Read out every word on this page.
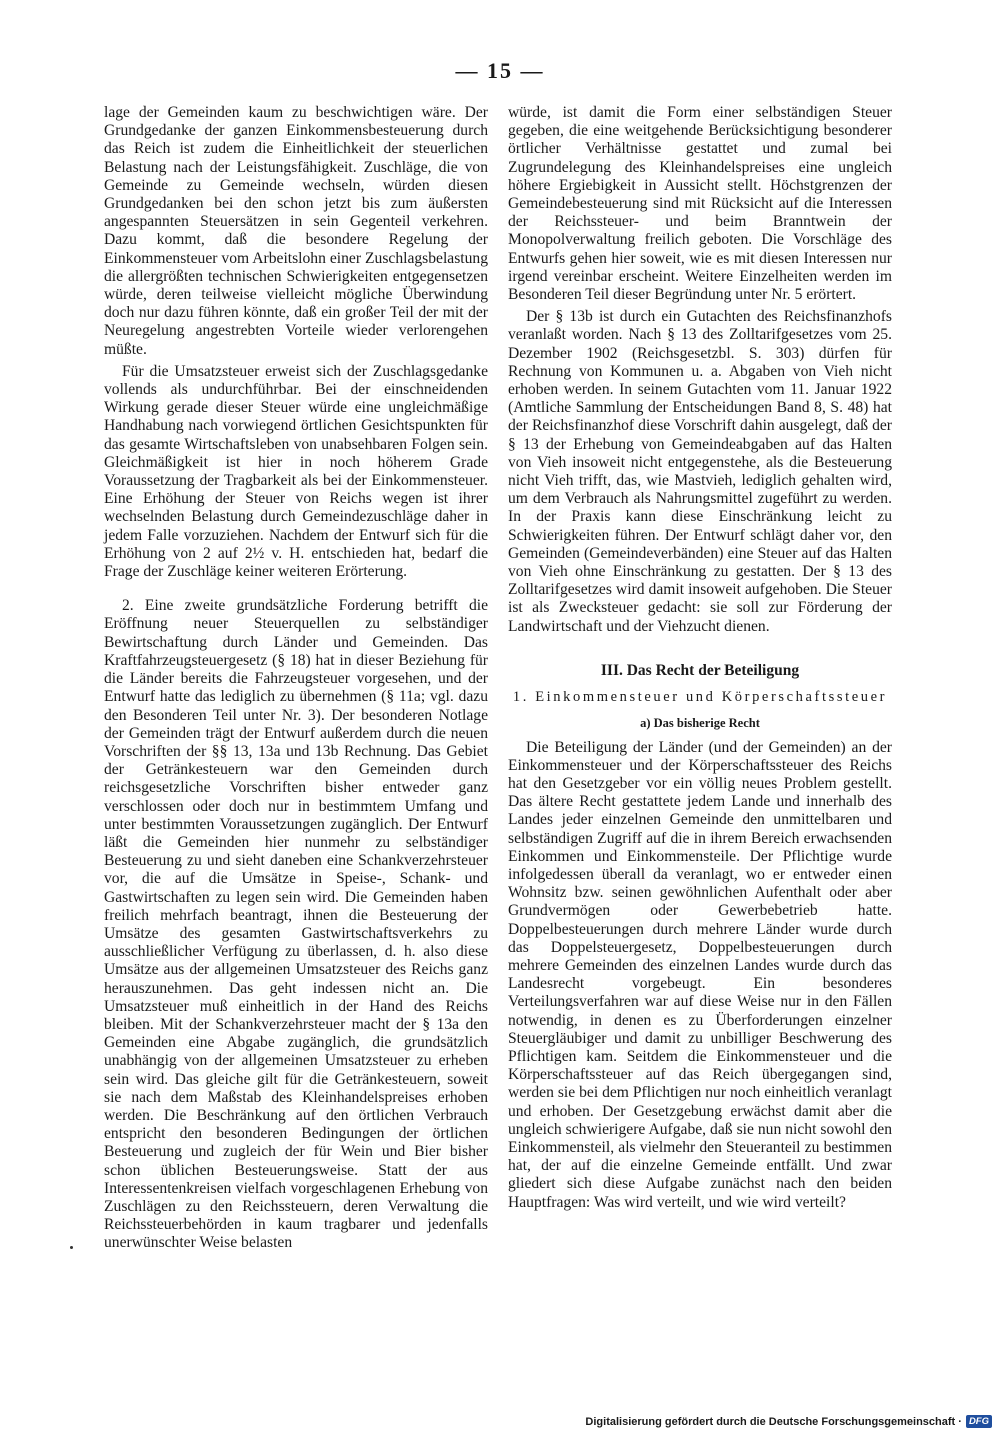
— 15 —

lage der Gemeinden kaum zu beschwichtigen wäre. Der Grundgedanke der ganzen Einkommensbesteuerung durch das Reich ist zudem die Einheitlichkeit der steuerlichen Belastung nach der Leistungsfähigkeit. Zuschläge, die von Gemeinde zu Gemeinde wechseln, würden diesen Grundgedanken bei den schon jetzt bis zum äußersten angespannten Steuersätzen in sein Gegenteil verkehren. Dazu kommt, daß die besondere Regelung der Einkommensteuer vom Arbeitslohn einer Zuschlagsbelastung die allergrößten technischen Schwierigkeiten entgegensetzen würde, deren teilweise vielleicht mögliche Überwindung doch nur dazu führen könnte, daß ein großer Teil der mit der Neuregelung angestrebten Vorteile wieder verlorengehen müßte.

Für die Umsatzsteuer erweist sich der Zuschlagsgedanke vollends als undurchführbar. Bei der einschneidenden Wirkung gerade dieser Steuer würde eine ungleichmäßige Handhabung nach vorwiegend örtlichen Gesichtspunkten für das gesamte Wirtschaftsleben von unabsehbaren Folgen sein. Gleichmäßigkeit ist hier in noch höherem Grade Voraussetzung der Tragbarkeit als bei der Einkommensteuer. Eine Erhöhung der Steuer von Reichs wegen ist ihrer wechselnden Belastung durch Gemeindezuschläge daher in jedem Falle vorzuziehen. Nachdem der Entwurf sich für die Erhöhung von 2 auf 2½ v. H. entschieden hat, bedarf die Frage der Zuschläge keiner weiteren Erörterung.

2. Eine zweite grundsätzliche Forderung betrifft die Eröffnung neuer Steuerquellen zu selbständiger Bewirtschaftung durch Länder und Gemeinden. Das Kraftfahrzeugsteuergesetz (§ 18) hat in dieser Beziehung für die Länder bereits die Fahrzeugsteuer vorgesehen, und der Entwurf hatte das lediglich zu übernehmen (§ 11a; vgl. dazu den Besonderen Teil unter Nr. 3). Der besonderen Notlage der Gemeinden trägt der Entwurf außerdem durch die neuen Vorschriften der §§ 13, 13a und 13b Rechnung. Das Gebiet der Getränkesteuern war den Gemeinden durch reichsgesetzliche Vorschriften bisher entweder ganz verschlossen oder doch nur in bestimmtem Umfang und unter bestimmten Voraussetzungen zugänglich. Der Entwurf läßt die Gemeinden hier nunmehr zu selbständiger Besteuerung zu und sieht daneben eine Schankverzehrsteuer vor, die auf die Umsätze in Speise-, Schank- und Gastwirtschaften zu legen sein wird. Die Gemeinden haben freilich mehrfach beantragt, ihnen die Besteuerung der Umsätze des gesamten Gastwirtschaftsverkehrs zu ausschließlicher Verfügung zu überlassen, d. h. also diese Umsätze aus der allgemeinen Umsatzsteuer des Reichs ganz herauszunehmen. Das geht indessen nicht an. Die Umsatzsteuer muß einheitlich in der Hand des Reichs bleiben. Mit der Schankverzehrsteuer macht der § 13a den Gemeinden eine Abgabe zugänglich, die grundsätzlich unabhängig von der allgemeinen Umsatzsteuer zu erheben sein wird. Das gleiche gilt für die Getränkesteuern, soweit sie nach dem Maßstab des Kleinhandelspreises erhoben werden. Die Beschränkung auf den örtlichen Verbrauch entspricht den besonderen Bedingungen der örtlichen Besteuerung und zugleich der für Wein und Bier bisher schon üblichen Besteuerungsweise. Statt der aus Interessentenkreisen vielfach vorgeschlagenen Erhebung von Zuschlägen zu den Reichssteuern, deren Verwaltung die Reichssteuerbehörden in kaum tragbarer und jedenfalls unerwünschter Weise belasten

würde, ist damit die Form einer selbständigen Steuer gegeben, die eine weitgehende Berücksichtigung besonderer örtlicher Verhältnisse gestattet und zumal bei Zugrundelegung des Kleinhandelspreises eine ungleich höhere Ergiebigkeit in Aussicht stellt. Höchstgrenzen der Gemeindebesteuerung sind mit Rücksicht auf die Interessen der Reichssteuer- und beim Branntwein der Monopolverwaltung freilich geboten. Die Vorschläge des Entwurfs gehen hier soweit, wie es mit diesen Interessen nur irgend vereinbar erscheint. Weitere Einzelheiten werden im Besonderen Teil dieser Begründung unter Nr. 5 erörtert.

Der § 13b ist durch ein Gutachten des Reichsfinanzhofs veranlaßt worden. Nach § 13 des Zolltarifgesetzes vom 25. Dezember 1902 (Reichsgesetzbl. S. 303) dürfen für Rechnung von Kommunen u. a. Abgaben von Vieh nicht erhoben werden. In seinem Gutachten vom 11. Januar 1922 (Amtliche Sammlung der Entscheidungen Band 8, S. 48) hat der Reichsfinanzhof diese Vorschrift dahin ausgelegt, daß der § 13 der Erhebung von Gemeindeabgaben auf das Halten von Vieh insoweit nicht entgegenstehe, als die Besteuerung nicht Vieh trifft, das, wie Mastvieh, lediglich gehalten wird, um dem Verbrauch als Nahrungsmittel zugeführt zu werden. In der Praxis kann diese Einschränkung leicht zu Schwierigkeiten führen. Der Entwurf schlägt daher vor, den Gemeinden (Gemeindeverbänden) eine Steuer auf das Halten von Vieh ohne Einschränkung zu gestatten. Der § 13 des Zolltarifgesetzes wird damit insoweit aufgehoben. Die Steuer ist als Zwecksteuer gedacht: sie soll zur Förderung der Landwirtschaft und der Viehzucht dienen.

III. Das Recht der Beteiligung
1. Einkommensteuer und Körperschaftssteuer
a) Das bisherige Recht

Die Beteiligung der Länder (und der Gemeinden) an der Einkommensteuer und der Körperschaftssteuer des Reichs hat den Gesetzgeber vor ein völlig neues Problem gestellt. Das ältere Recht gestattete jedem Lande und innerhalb des Landes jeder einzelnen Gemeinde den unmittelbaren und selbständigen Zugriff auf die in ihrem Bereich erwachsenden Einkommen und Einkommensteile. Der Pflichtige wurde infolgedessen überall da veranlagt, wo er entweder einen Wohnsitz bzw. seinen gewöhnlichen Aufenthalt oder aber Grundvermögen oder Gewerbebetrieb hatte. Doppelbesteuerungen durch mehrere Länder wurde durch das Doppelsteuergesetz, Doppelbesteuerungen durch mehrere Gemeinden des einzelnen Landes wurde durch das Landesrecht vorgebeugt. Ein besonderes Verteilungsverfahren war auf diese Weise nur in den Fällen notwendig, in denen es zu Überforderungen einzelner Steuergläubiger und damit zu unbilliger Beschwerung des Pflichtigen kam. Seitdem die Einkommensteuer und die Körperschaftssteuer auf das Reich übergegangen sind, werden sie bei dem Pflichtigen nur noch einheitlich veranlagt und erhoben. Der Gesetzgebung erwächst damit aber die ungleich schwierigere Aufgabe, daß sie nun nicht sowohl den Einkommensteil, als vielmehr den Steueranteil zu bestimmen hat, der auf die einzelne Gemeinde entfällt. Und zwar gliedert sich diese Aufgabe zunächst nach den beiden Hauptfragen: Was wird verteilt, und wie wird verteilt?

Digitalisierung gefördert durch die Deutsche Forschungsgemeinschaft · DFG
